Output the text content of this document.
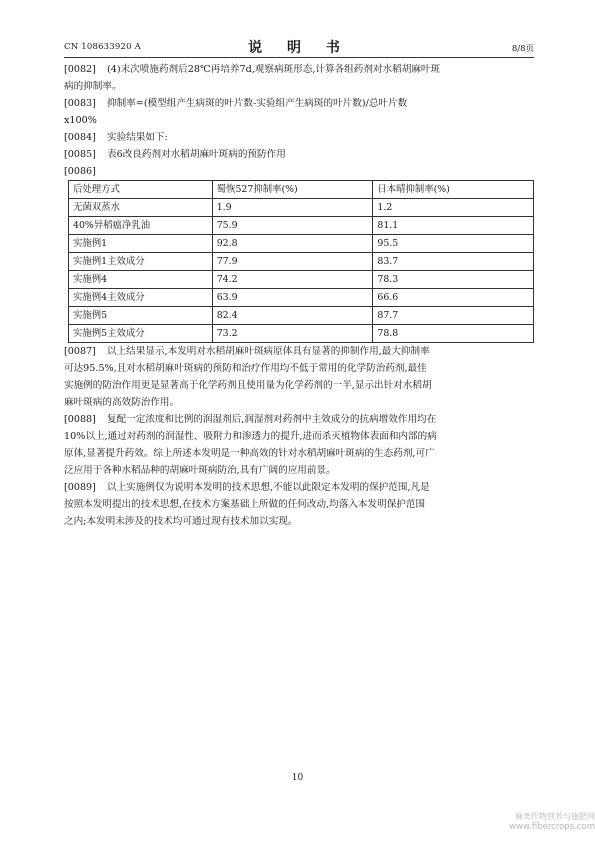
CN 108633920 A	说 明 书	8/8页
[0082] (4)末次喷施药剂后28℃再培养7d,观察病斑形态,计算各组药剂对水稻胡麻叶斑
病的抑制率。
[0083] 抑制率=(模型组产生病斑的叶片数-实验组产生病斑的叶片数)/总叶片数
x100%
[0084] 实验结果如下:
[0085] 表6改良药剂对水稻胡麻叶斑病的预防作用
[0086]
后处理方式	蜀恢527抑制率(%)	日本晴抑制率(%)
无菌双蒸水	1.9	1.2
40%异稻瘟净乳油	75.9	81.1
实施例1	92.8	95.5
实施例1主效成分	77.9	83.7
实施例4	74.2	78.3
实施例4主效成分	63.9	66.6
实施例5	82.4	87.7
实施例5主效成分	73.2	78.8
[0087] 以上结果显示,本发明对水稻胡麻叶斑病原体具有显著的抑制作用,最大抑制率
可达95.5%,且对水稻胡麻叶斑病的预防和治疗作用均不低于常用的化学防治药剂,最佳
实施例的防治作用更是显著高于化学药剂且使用量为化学药剂的一半,显示出针对水稻胡
麻叶斑病的高效防治作用。
[0088] 复配一定浓度和比例的润湿剂后,润湿剂对药剂中主效成分的抗病增效作用均在
10%以上,通过对药剂的润湿性、吸附力和渗透力的提升,进而杀灭植物体表面和内部的病
原体,显著提升药效。综上所述本发明是一种高效的针对水稻胡麻叶斑病的生态药剂,可广
泛应用于各种水稻品种的胡麻叶斑病防治,具有广阔的应用前景。
[0089] 以上实施例仅为说明本发明的技术思想,不能以此限定本发明的保护范围,凡是
按照本发明提出的技术思想,在技术方案基础上所做的任何改动,均落入本发明保护范围
之内;本发明未涉及的技术均可通过现有技术加以实现。
10
麻类作物营养与施肥网
www.fibercrops.com
